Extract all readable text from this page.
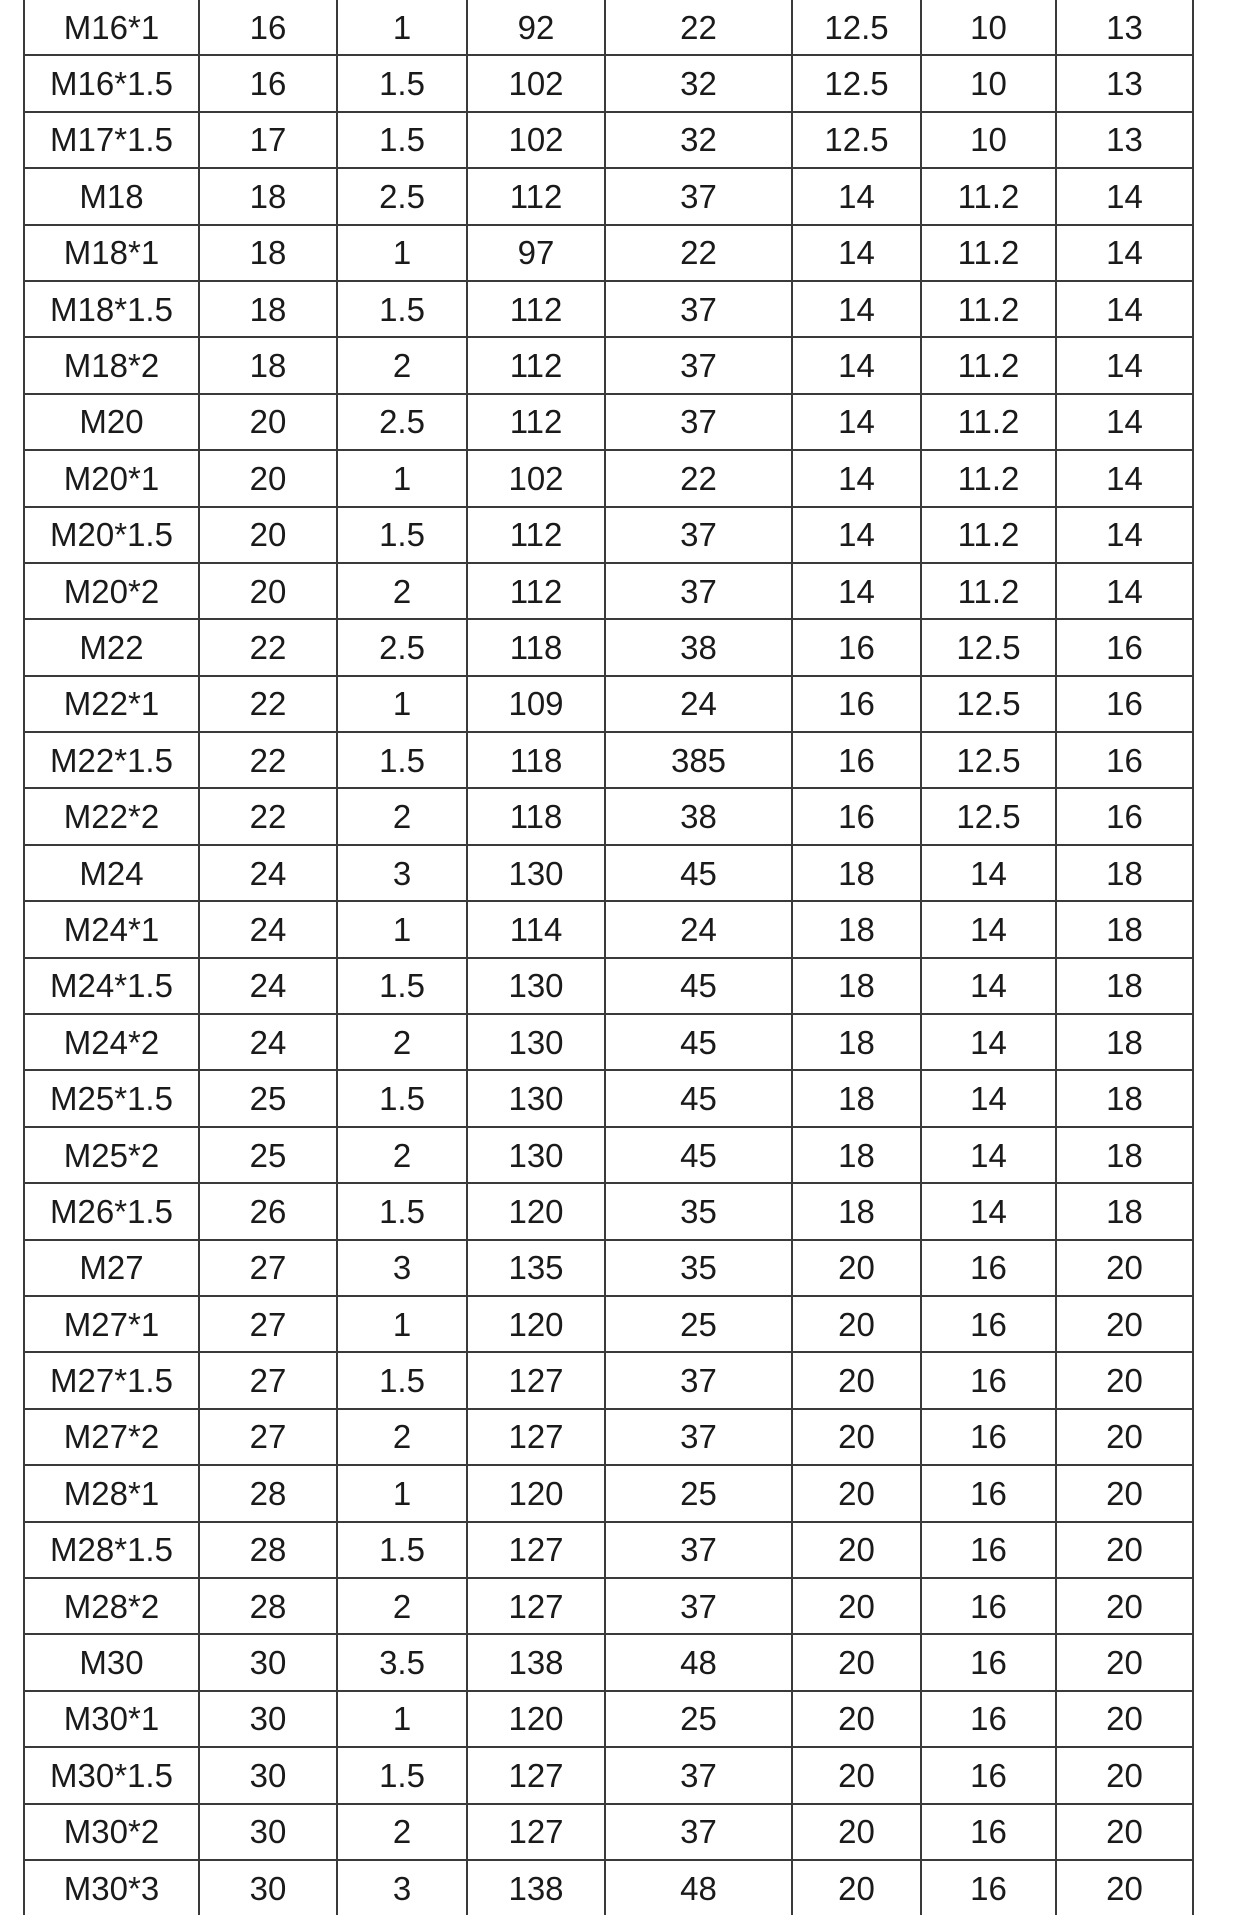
M16*1	16	1	92	22	12.5	10	13
M16*1.5	16	1.5	102	32	12.5	10	13
M17*1.5	17	1.5	102	32	12.5	10	13
M18	18	2.5	112	37	14	11.2	14
M18*1	18	1	97	22	14	11.2	14
M18*1.5	18	1.5	112	37	14	11.2	14
M18*2	18	2	112	37	14	11.2	14
M20	20	2.5	112	37	14	11.2	14
M20*1	20	1	102	22	14	11.2	14
M20*1.5	20	1.5	112	37	14	11.2	14
M20*2	20	2	112	37	14	11.2	14
M22	22	2.5	118	38	16	12.5	16
M22*1	22	1	109	24	16	12.5	16
M22*1.5	22	1.5	118	385	16	12.5	16
M22*2	22	2	118	38	16	12.5	16
M24	24	3	130	45	18	14	18
M24*1	24	1	114	24	18	14	18
M24*1.5	24	1.5	130	45	18	14	18
M24*2	24	2	130	45	18	14	18
M25*1.5	25	1.5	130	45	18	14	18
M25*2	25	2	130	45	18	14	18
M26*1.5	26	1.5	120	35	18	14	18
M27	27	3	135	35	20	16	20
M27*1	27	1	120	25	20	16	20
M27*1.5	27	1.5	127	37	20	16	20
M27*2	27	2	127	37	20	16	20
M28*1	28	1	120	25	20	16	20
M28*1.5	28	1.5	127	37	20	16	20
M28*2	28	2	127	37	20	16	20
M30	30	3.5	138	48	20	16	20
M30*1	30	1	120	25	20	16	20
M30*1.5	30	1.5	127	37	20	16	20
M30*2	30	2	127	37	20	16	20
M30*3	30	3	138	48	20	16	20
